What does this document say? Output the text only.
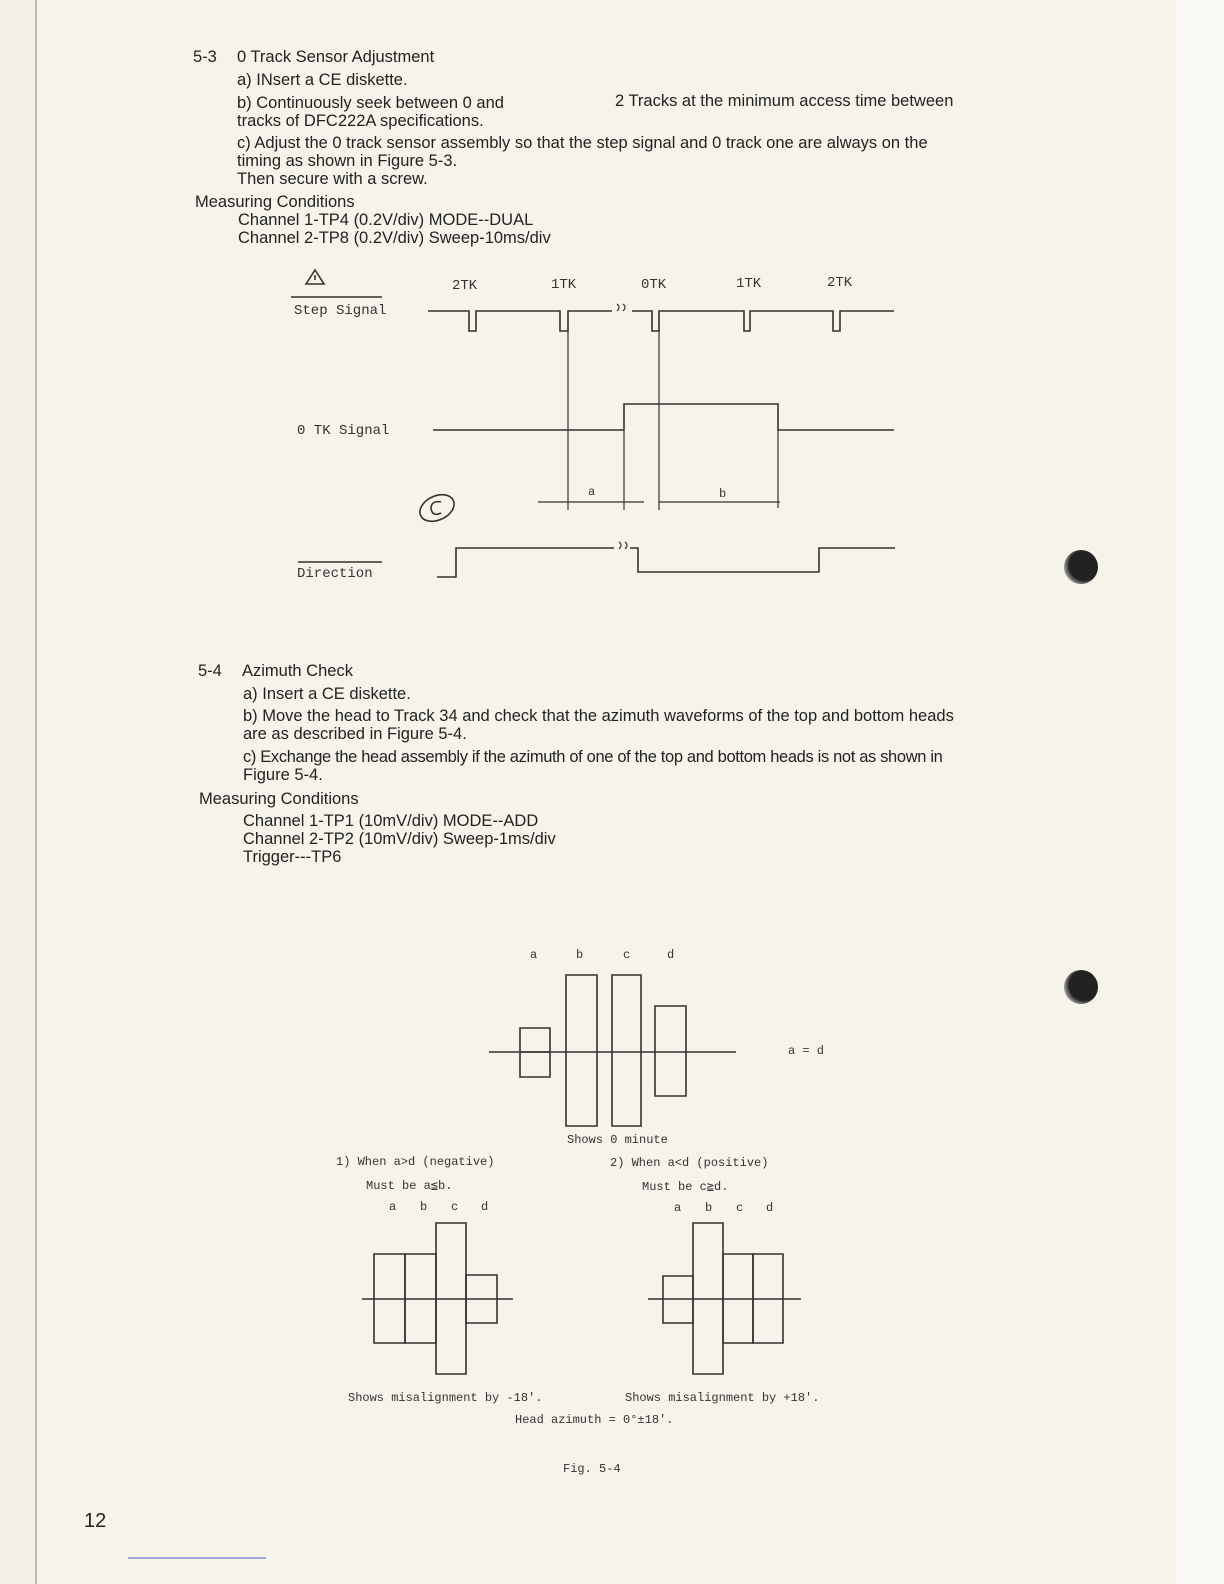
5-3 0 Track Sensor Adjustment
a) INsert a CE diskette.
b) Continuously seek between 0 and	2 Tracks at the minimum access time between
tracks of DFC222A specifications.
c) Adjust the 0 track sensor assembly so that the step signal and 0 track one are always on the
timing as shown in Figure 5-3.
Then secure with a screw.
Measuring Conditions
Channel 1-TP4 (0.2V/div) MODE--DUAL
Channel 2-TP8 (0.2V/div) Sweep-10ms/div
2TK	1TK	0TK	1TK	2TK
Step Signal
0 TK Signal
Direction
a	b
5-4 Azimuth Check
a) Insert a CE diskette.
b) Move the head to Track 34 and check that the azimuth waveforms of the top and bottom heads
are as described in Figure 5-4.
c) Exchange the head assembly if the azimuth of one of the top and bottom heads is not as shown in
Figure 5-4.
Measuring Conditions
Channel 1-TP1 (10mV/div) MODE--ADD
Channel 2-TP2 (10mV/div) Sweep-1ms/div
Trigger---TP6
a	b	c	d
a = d
Shows 0 minute
1) When a>d (negative)
Must be a≦b.
2) When a<d (positive)
Must be c≧d.
a b c d	a b c d
Shows misalignment by -18'.	Shows misalignment by +18'.
Head azimuth = 0°±18'.
Fig. 5-4
12
